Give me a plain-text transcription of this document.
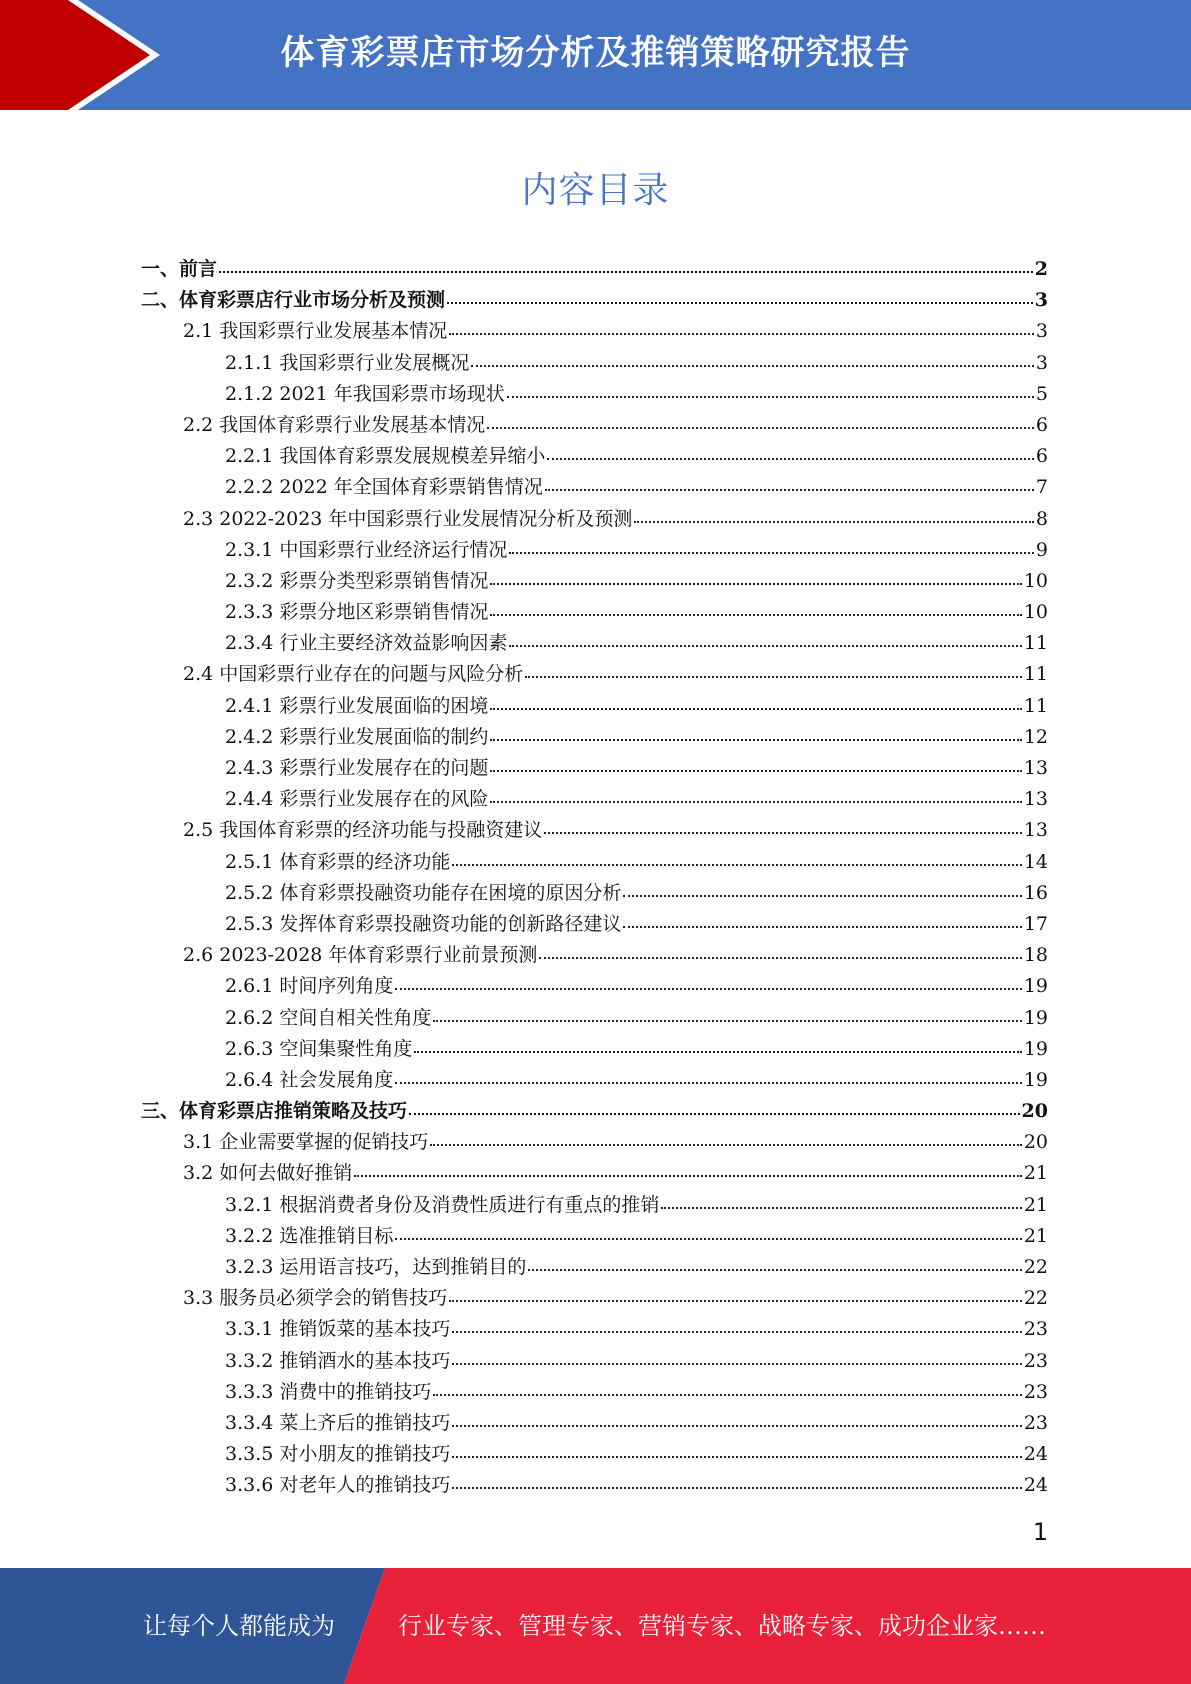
体育彩票店市场分析及推销策略研究报告
内容目录
一、前言	2
二、体育彩票店行业市场分析及预测	3
2.1 我国彩票行业发展基本情况	3
2.1.1 我国彩票行业发展概况	3
2.1.2 2021 年我国彩票市场现状	5
2.2 我国体育彩票行业发展基本情况	6
2.2.1 我国体育彩票发展规模差异缩小	6
2.2.2 2022 年全国体育彩票销售情况	7
2.3 2022-2023 年中国彩票行业发展情况分析及预测	8
2.3.1 中国彩票行业经济运行情况	9
2.3.2 彩票分类型彩票销售情况	10
2.3.3 彩票分地区彩票销售情况	10
2.3.4 行业主要经济效益影响因素	11
2.4 中国彩票行业存在的问题与风险分析	11
2.4.1 彩票行业发展面临的困境	11
2.4.2 彩票行业发展面临的制约	12
2.4.3 彩票行业发展存在的问题	13
2.4.4 彩票行业发展存在的风险	13
2.5 我国体育彩票的经济功能与投融资建议	13
2.5.1 体育彩票的经济功能	14
2.5.2 体育彩票投融资功能存在困境的原因分析	16
2.5.3 发挥体育彩票投融资功能的创新路径建议	17
2.6 2023-2028 年体育彩票行业前景预测	18
2.6.1 时间序列角度	19
2.6.2 空间自相关性角度	19
2.6.3 空间集聚性角度	19
2.6.4 社会发展角度	19
三、体育彩票店推销策略及技巧	20
3.1 企业需要掌握的促销技巧	20
3.2 如何去做好推销	21
3.2.1 根据消费者身份及消费性质进行有重点的推销	21
3.2.2 选准推销目标	21
3.2.3 运用语言技巧，达到推销目的	22
3.3 服务员必须学会的销售技巧	22
3.3.1 推销饭菜的基本技巧	23
3.3.2 推销酒水的基本技巧	23
3.3.3 消费中的推销技巧	23
3.3.4 菜上齐后的推销技巧	23
3.3.5 对小朋友的推销技巧	24
3.3.6 对老年人的推销技巧	24
1
让每个人都能成为	行业专家、管理专家、营销专家、战略专家、成功企业家……
